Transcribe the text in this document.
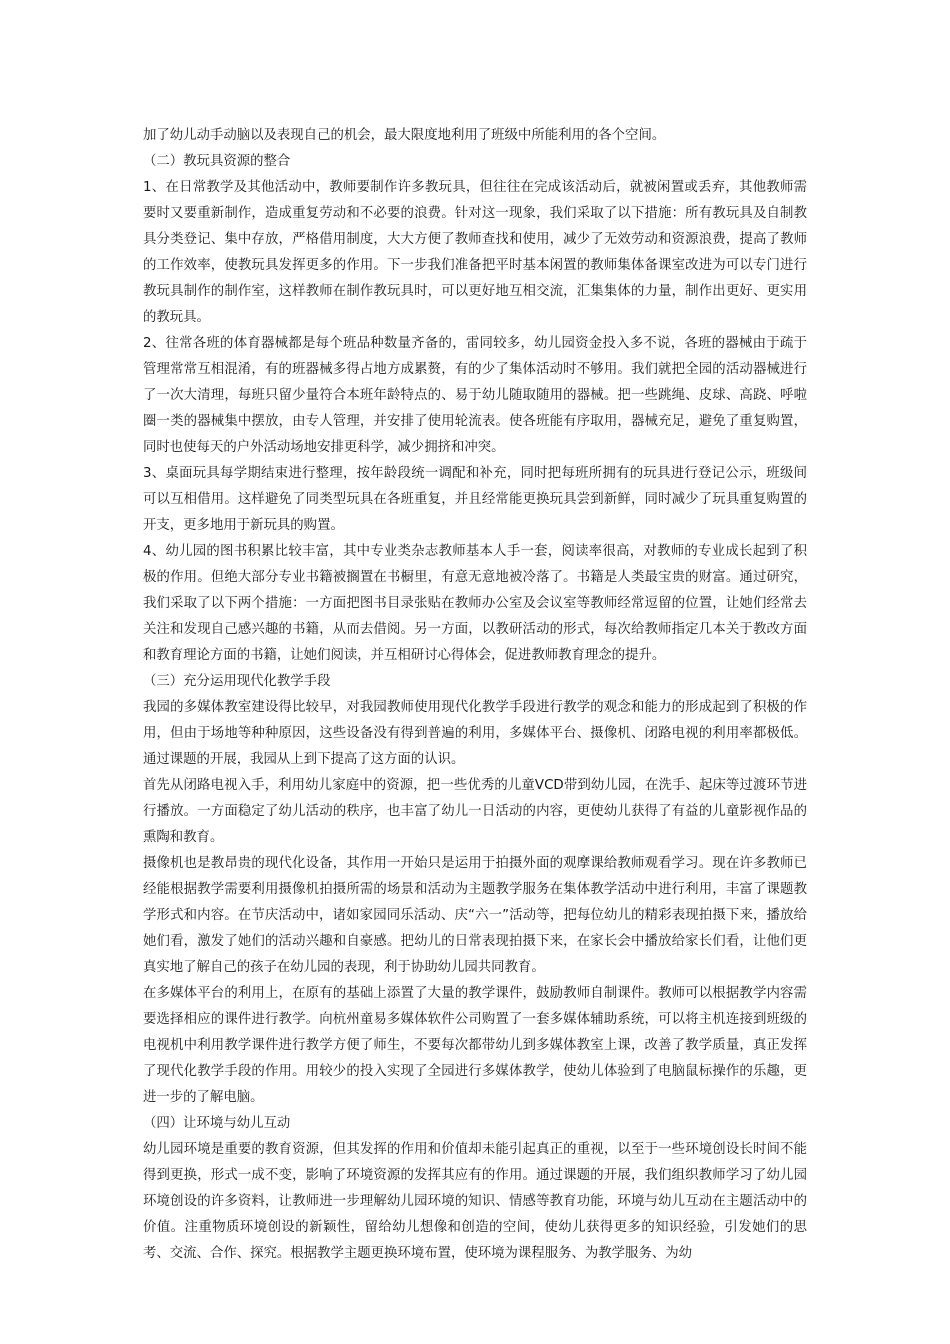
加了幼儿动手动脑以及表现自己的机会，最大限度地利用了班级中所能利用的各个空间。

（二）教玩具资源的整合

1、在日常教学及其他活动中，教师要制作许多教玩具，但往往在完成该活动后，就被闲置或丢弃，其他教师需要时又要重新制作，造成重复劳动和不必要的浪费。针对这一现象，我们采取了以下措施：所有教玩具及自制教具分类登记、集中存放，严格借用制度，大大方便了教师查找和使用，减少了无效劳动和资源浪费，提高了教师的工作效率，使教玩具发挥更多的作用。下一步我们准备把平时基本闲置的教师集体备课室改进为可以专门进行教玩具制作的制作室，这样教师在制作教玩具时，可以更好地互相交流，汇集集体的力量，制作出更好、更实用的教玩具。

2、往常各班的体育器械都是每个班品种数量齐备的，雷同较多，幼儿园资金投入多不说，各班的器械由于疏于管理常常互相混淆，有的班器械多得占地方成累赘，有的少了集体活动时不够用。我们就把全园的活动器械进行了一次大清理，每班只留少量符合本班年龄特点的、易于幼儿随取随用的器械。把一些跳绳、皮球、高跷、呼啦圈一类的器械集中摆放，由专人管理，并安排了使用轮流表。使各班能有序取用，器械充足，避免了重复购置，同时也使每天的户外活动场地安排更科学，减少拥挤和冲突。

3、桌面玩具每学期结束进行整理，按年龄段统一调配和补充，同时把每班所拥有的玩具进行登记公示，班级间可以互相借用。这样避免了同类型玩具在各班重复，并且经常能更换玩具尝到新鲜，同时减少了玩具重复购置的开支，更多地用于新玩具的购置。

4、幼儿园的图书积累比较丰富，其中专业类杂志教师基本人手一套，阅读率很高，对教师的专业成长起到了积极的作用。但绝大部分专业书籍被搁置在书橱里，有意无意地被冷落了。书籍是人类最宝贵的财富。通过研究，我们采取了以下两个措施：一方面把图书目录张贴在教师办公室及会议室等教师经常逗留的位置，让她们经常去关注和发现自己感兴趣的书籍，从而去借阅。另一方面，以教研活动的形式，每次给教师指定几本关于教改方面和教育理论方面的书籍，让她们阅读，并互相研讨心得体会，促进教师教育理念的提升。

（三）充分运用现代化教学手段

我园的多媒体教室建设得比较早，对我园教师使用现代化教学手段进行教学的观念和能力的形成起到了积极的作用，但由于场地等种种原因，这些设备没有得到普遍的利用，多媒体平台、摄像机、闭路电视的利用率都极低。通过课题的开展，我园从上到下提高了这方面的认识。

首先从闭路电视入手，利用幼儿家庭中的资源，把一些优秀的儿童VCD带到幼儿园，在洗手、起床等过渡环节进行播放。一方面稳定了幼儿活动的秩序，也丰富了幼儿一日活动的内容，更使幼儿获得了有益的儿童影视作品的熏陶和教育。

摄像机也是教昂贵的现代化设备，其作用一开始只是运用于拍摄外面的观摩课给教师观看学习。现在许多教师已经能根据教学需要利用摄像机拍摄所需的场景和活动为主题教学服务在集体教学活动中进行利用，丰富了课题教学形式和内容。在节庆活动中，诸如家园同乐活动、庆“六一”活动等，把每位幼儿的精彩表现拍摄下来，播放给她们看，激发了她们的活动兴趣和自豪感。把幼儿的日常表现拍摄下来，在家长会中播放给家长们看，让他们更真实地了解自己的孩子在幼儿园的表现，利于协助幼儿园共同教育。

在多媒体平台的利用上，在原有的基础上添置了大量的教学课件，鼓励教师自制课件。教师可以根据教学内容需要选择相应的课件进行教学。向杭州童易多媒体软件公司购置了一套多媒体辅助系统，可以将主机连接到班级的电视机中利用教学课件进行教学方便了师生，不要每次都带幼儿到多媒体教室上课，改善了教学质量，真正发挥了现代化教学手段的作用。用较少的投入实现了全园进行多媒体教学，使幼儿体验到了电脑鼠标操作的乐趣，更进一步的了解电脑。

（四）让环境与幼儿互动

幼儿园环境是重要的教育资源，但其发挥的作用和价值却未能引起真正的重视，以至于一些环境创设长时间不能得到更换，形式一成不变，影响了环境资源的发挥其应有的作用。通过课题的开展，我们组织教师学习了幼儿园环境创设的许多资料，让教师进一步理解幼儿园环境的知识、情感等教育功能，环境与幼儿互动在主题活动中的价值。注重物质环境创设的新颖性，留给幼儿想像和创造的空间，使幼儿获得更多的知识经验，引发她们的思考、交流、合作、探究。根据教学主题更换环境布置，使环境为课程服务、为教学服务、为幼
